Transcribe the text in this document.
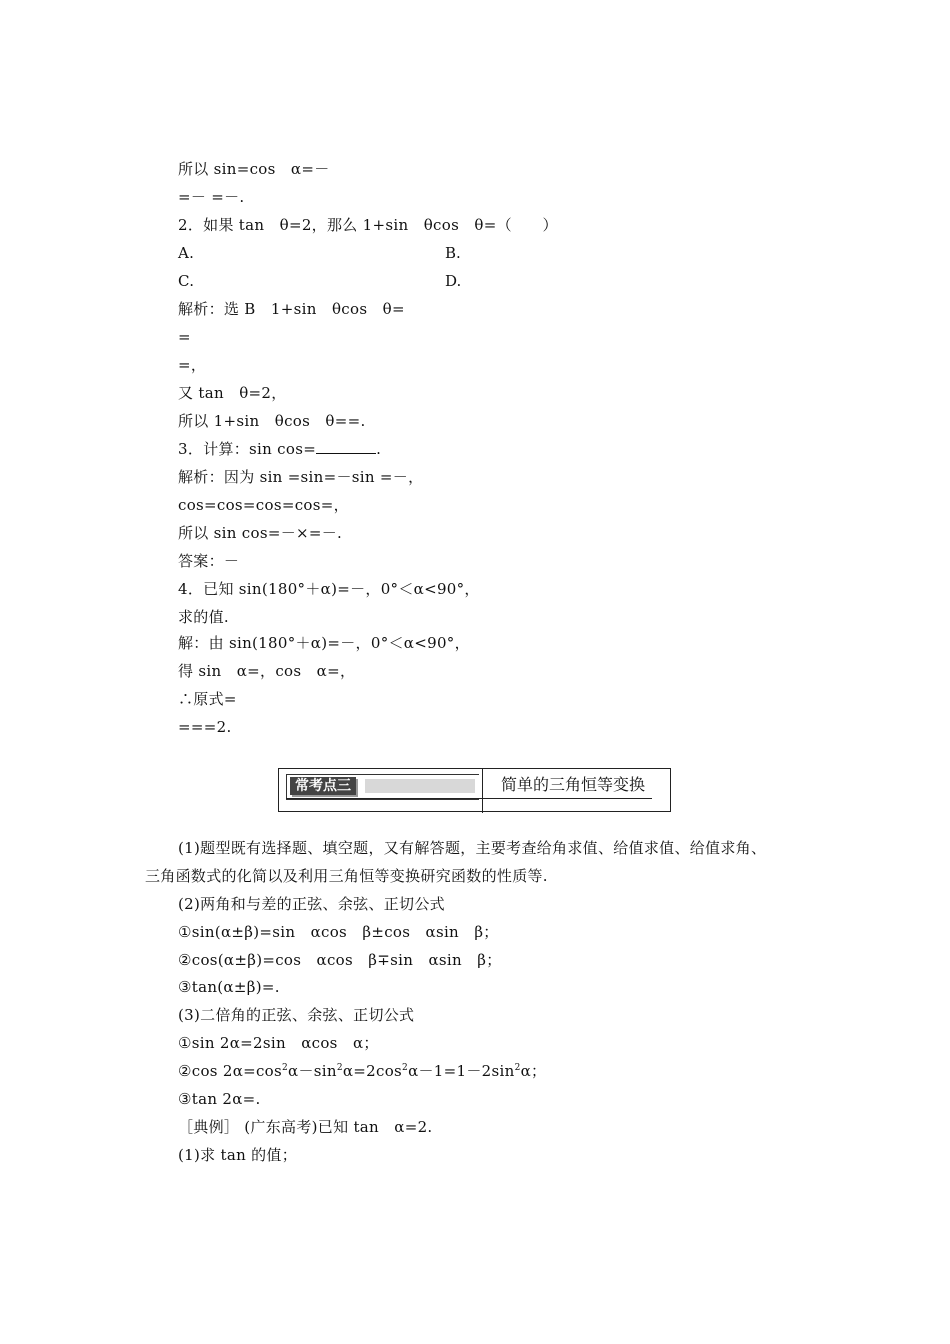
所以 sin=cos　α=－
=－ =－.
2．如果 tan　θ=2，那么 1+sin　θcos　θ=（　　）
A.	B.
C.	D.
解析：选 B　1+sin　θcos　θ=
=
=，
又 tan　θ=2，
所以 1+sin　θcos　θ==.
3．计算：sin cos=	.
解析：因为 sin =sin=－sin =－，
cos=cos=cos=cos=，
所以 sin cos=－×=－.
答案：－
4．已知 sin(180°＋α)=－，0°＜α<90°，
求的值.
解：由 sin(180°＋α)=－，0°＜α<90°，
得 sin　α=，cos　α=，
∴原式=
===2.
常考点三	简单的三角恒等变换
(1)题型既有选择题、填空题，又有解答题，主要考查给角求值、给值求值、给值求角、
三角函数式的化简以及利用三角恒等变换研究函数的性质等.
(2)两角和与差的正弦、余弦、正切公式
①sin(α±β)=sin　αcos　β±cos　αsin　β；
②cos(α±β)=cos　αcos　β∓sin　αsin　β；
③tan(α±β)=.
(3)二倍角的正弦、余弦、正切公式
①sin 2α=2sin　αcos　α；
②cos $2\alpha=\cos^2\alpha-\sin^2\alpha=2\cos^2\alpha-1=1-2\sin^2\alpha$；
③tan 2α=.
［典例］ (广东高考)已知 tan　α=2.
(1)求 tan 的值；
